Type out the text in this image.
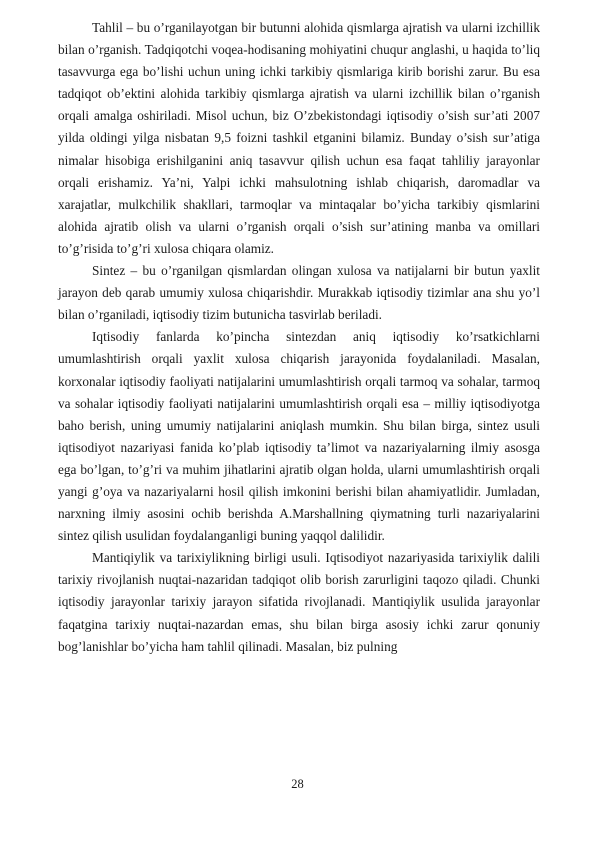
Tahlil – bu o’rganilayotgan bir butunni alohida qismlarga ajratish va ularni izchillik bilan o’rganish. Tadqiqotchi voqea-hodisaning mohiyatini chuqur anglashi, u haqida to’liq tasavvurga ega bo’lishi uchun uning ichki tarkibiy qismlariga kirib borishi zarur. Bu esa tadqiqot ob’ektini alohida tarkibiy qismlarga ajratish va ularni izchillik bilan o’rganish orqali amalga oshiriladi. Misol uchun, biz O’zbekistondagi iqtisodiy o’sish sur’ati 2007 yilda oldingi yilga nisbatan 9,5 foizni tashkil etganini bilamiz. Bunday o’sish sur’atiga nimalar hisobiga erishilganini aniq tasavvur qilish uchun esa faqat tahliliy jarayonlar orqali erishamiz. Ya’ni, Yalpi ichki mahsulotning ishlab chiqarish, daromadlar va xarajatlar, mulkchilik shakllari, tarmoqlar va mintaqalar bo’yicha tarkibiy qismlarini alohida ajratib olish va ularni o’rganish orqali o’sish sur’atining manba va omillari to’g’risida to’g’ri xulosa chiqara olamiz.

Sintez – bu o’rganilgan qismlardan olingan xulosa va natijalarni bir butun yaxlit jarayon deb qarab umumiy xulosa chiqarishdir. Murakkab iqtisodiy tizimlar ana shu yo’l bilan o’rganiladi, iqtisodiy tizim butunicha tasvirlab beriladi.

Iqtisodiy fanlarda ko’pincha sintezdan aniq iqtisodiy ko’rsatkichlarni umumlashtirish orqali yaxlit xulosa chiqarish jarayonida foydalaniladi. Masalan, korxonalar iqtisodiy faoliyati natijalarini umumlashtirish orqali tarmoq va sohalar, tarmoq va sohalar iqtisodiy faoliyati natijalarini umumlashtirish orqali esa – milliy iqtisodiyotga baho berish, uning umumiy natijalarini aniqlash mumkin. Shu bilan birga, sintez usuli iqtisodiyot nazariyasi fanida ko’plab iqtisodiy ta’limot va nazariyalarning ilmiy asosga ega bo’lgan, to’g’ri va muhim jihatlarini ajratib olgan holda, ularni umumlashtirish orqali yangi g’oya va nazariyalarni hosil qilish imkonini berishi bilan ahamiyatlidir. Jumladan, narxning ilmiy asosini ochib berishda A.Marshallning qiymatning turli nazariyalarini sintez qilish usulidan foydalanganligi buning yaqqol dalilidir.

Mantiqiylik va tarixiylikning birligi usuli. Iqtisodiyot nazariyasida tarixiylik dalili tarixiy rivojlanish nuqtai-nazaridan tadqiqot olib borish zarurligini taqozo qiladi. Chunki iqtisodiy jarayonlar tarixiy jarayon sifatida rivojlanadi. Mantiqiylik usulida jarayonlar faqatgina tarixiy nuqtai-nazardan emas, shu bilan birga asosiy ichki zarur qonuniy bog’lanishlar bo’yicha ham tahlil qilinadi. Masalan, biz pulning

28
